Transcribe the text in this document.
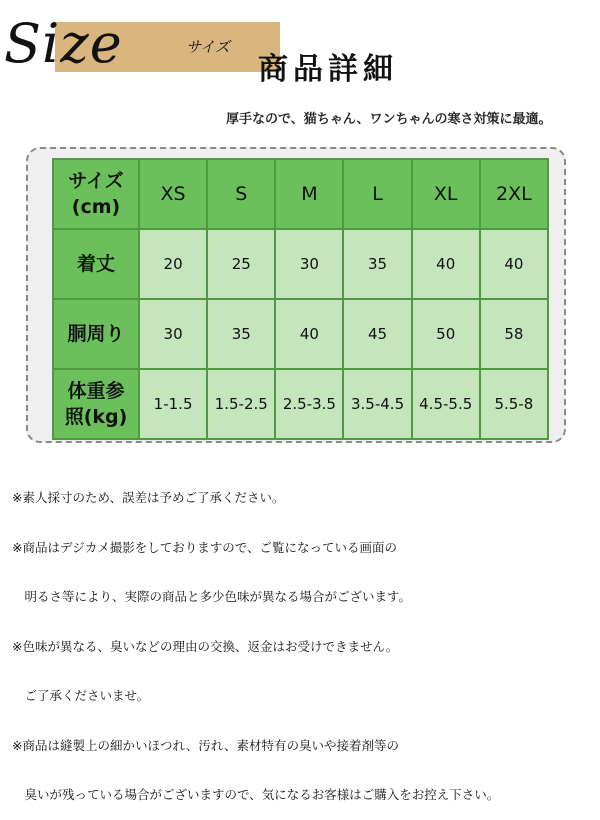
Size	サイズ
商品詳細
厚手なので、猫ちゃん、ワンちゃんの寒さ対策に最適。
サイズ
(cm)	XS	S	M	L	XL	2XL
着丈	20	25	30	35	40	40
胴周り	30	35	40	45	50	58
体重参
照(kg)	1-1.5	1.5-2.5	2.5-3.5	3.5-4.5	4.5-5.5	5.5-8

※素人採寸のため、誤差は予めご了承ください。

※商品はデジカメ撮影をしておりますので、ご覧になっている画面の

　明るさ等により、実際の商品と多少色味が異なる場合がございます。

※色味が異なる、臭いなどの理由の交換、返金はお受けできません。

　ご了承くださいませ。

※商品は縫製上の細かいほつれ、汚れ、素材特有の臭いや接着剤等の

　臭いが残っている場合がございますので、気になるお客様はご購入をお控え下さい。
